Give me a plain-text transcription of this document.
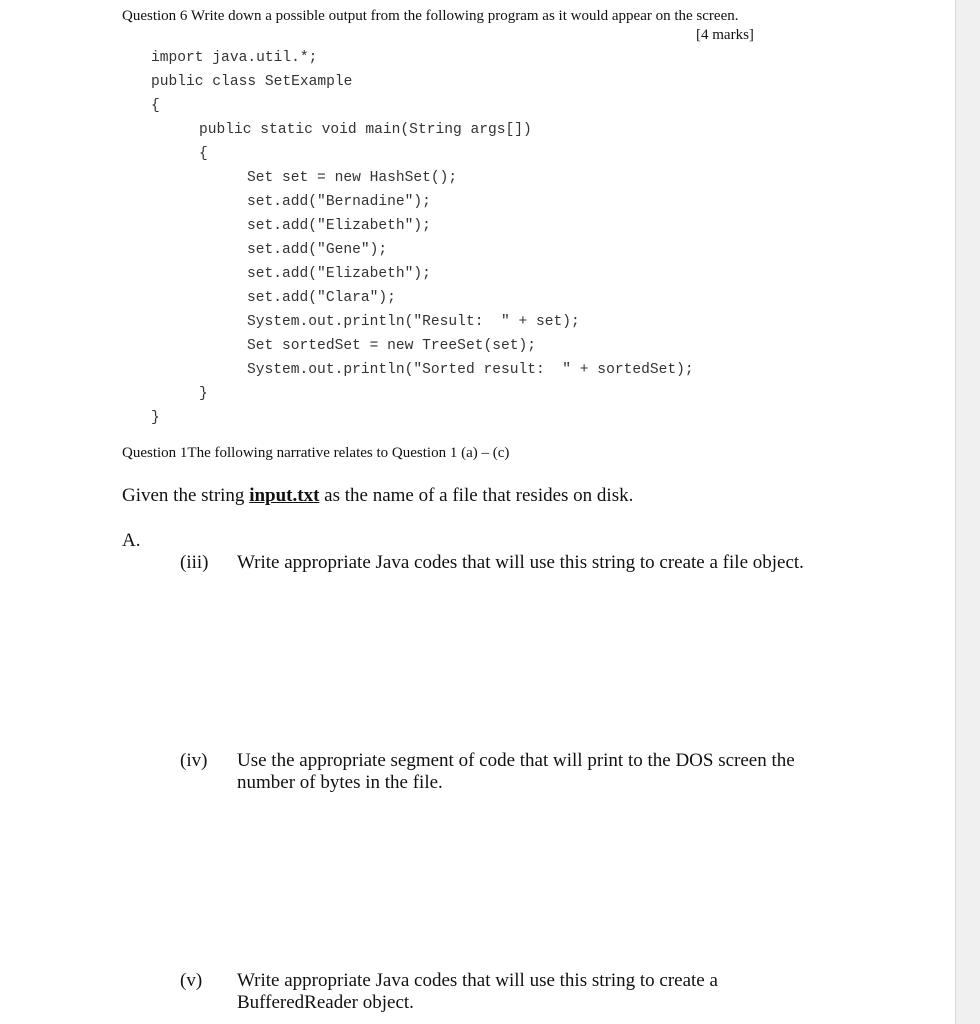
Question 6 Write down a possible output from the following program as it would appear on the screen.
[4 marks]
import java.util.*;
public class SetExample
{
public static void main(String args[])
{
Set set = new HashSet();
set.add("Bernadine");
set.add("Elizabeth");
set.add("Gene");
set.add("Elizabeth");
set.add("Clara");
System.out.println("Result:  " + set);
Set sortedSet = new TreeSet(set);
System.out.println("Sorted result:  " + sortedSet);
}
}
Question 1The following narrative relates to Question 1 (a) – (c)
Given the string input.txt as the name of a file that resides on disk.
A.
(iii) Write appropriate Java codes that will use this string to create a file object.
(iv) Use the appropriate segment of code that will print to the DOS screen the number of bytes in the file.
(v) Write appropriate Java codes that will use this string to create a BufferedReader object.
